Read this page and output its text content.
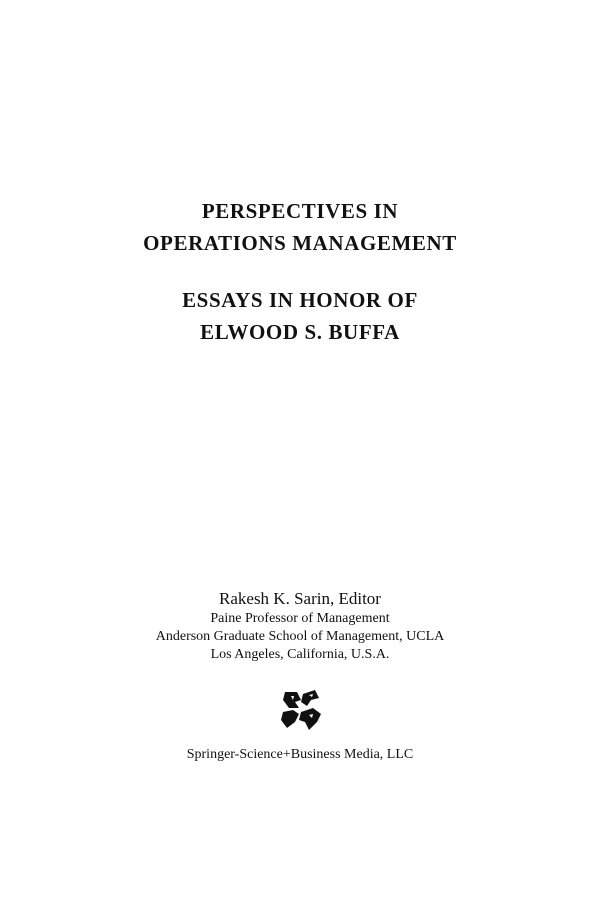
PERSPECTIVES IN
OPERATIONS MANAGEMENT
ESSAYS IN HONOR OF
ELWOOD S. BUFFA
Rakesh K. Sarin, Editor
Paine Professor of Management
Anderson Graduate School of Management, UCLA
Los Angeles, California, U.S.A.
Springer-Science+Business Media, LLC
